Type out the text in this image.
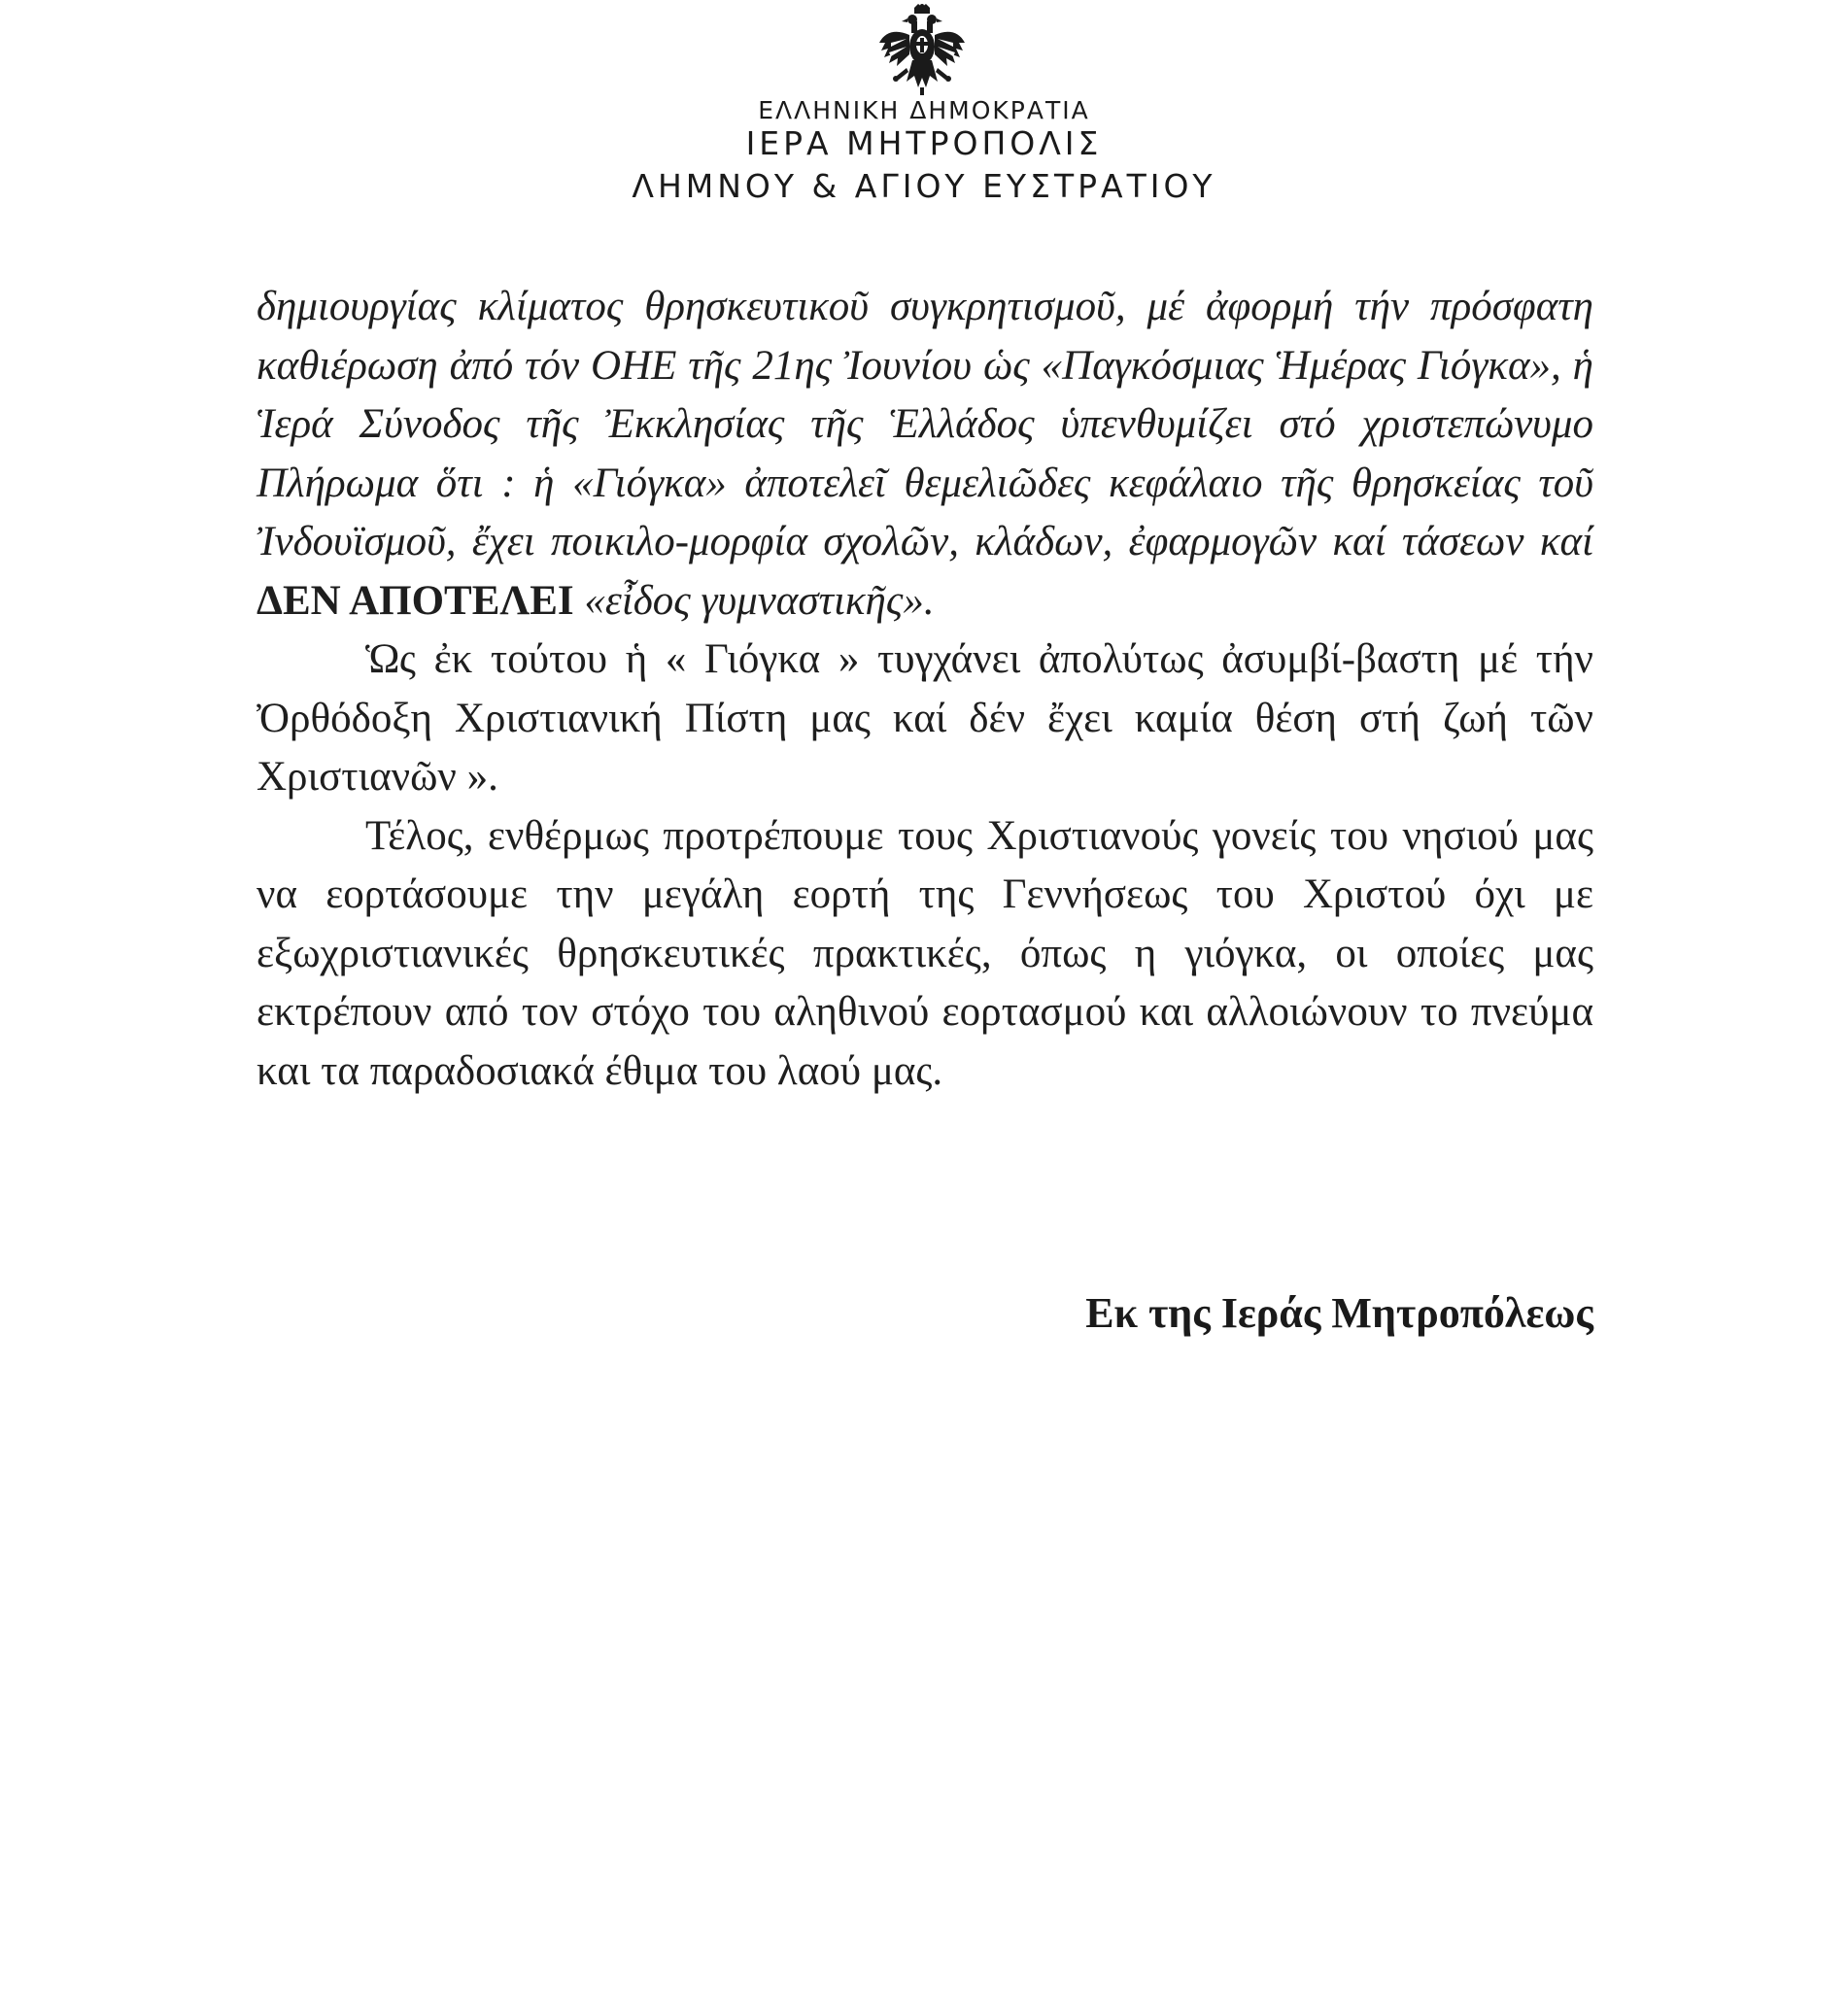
ΕΛΛΗΝΙΚΗ ΔΗΜΟΚΡΑΤΙΑ
ΙΕΡΑ ΜΗΤΡΟΠΟΛΙΣ
ΛΗΜΝΟΥ & ΑΓΙΟΥ ΕΥΣΤΡΑΤΙΟΥ

δημιουργίας κλίματος θρησκευτικοῦ συγκρητισμοῦ, μέ ἀφορμή τήν πρόσφατη καθιέρωση ἀπό τόν ΟΗΕ τῆς 21ης Ἰουνίου ὡς «Παγκόσμιας Ἡμέρας Γιόγκα», ἡ Ἱερά Σύνοδος τῆς Ἐκκλησίας τῆς Ἑλλάδος ὑπενθυμίζει στό χριστεπώνυμο Πλήρωμα ὅτι : ἡ «Γιόγκα» ἀποτελεῖ θεμελιῶδες κεφάλαιο τῆς θρησκείας τοῦ Ἰνδουϊσμοῦ, ἔχει ποικιλο-μορφία σχολῶν, κλάδων, ἐφαρμογῶν καί τάσεων καί ΔΕΝ ΑΠΟΤΕΛΕΙ «εἶδος γυμναστικῆς».

Ὡς ἐκ τούτου ἡ « Γιόγκα » τυγχάνει ἀπολύτως ἀσυμβί-βαστη μέ τήν Ὀρθόδοξη Χριστιανική Πίστη μας καί δέν ἔχει καμία θέση στή ζωή τῶν Χριστιανῶν ».

Τέλος, ενθέρμως προτρέπουμε τους Χριστιανούς γονείς του νησιού μας να εορτάσουμε την μεγάλη εορτή της Γεννήσεως του Χριστού όχι με εξωχριστιανικές θρησκευτικές πρακτικές, όπως η γιόγκα, οι οποίες μας εκτρέπουν από τον στόχο του αληθινού εορτασμού και αλλοιώνουν το πνεύμα και τα παραδοσιακά έθιμα του λαού μας.

Εκ της Ιεράς Μητροπόλεως
